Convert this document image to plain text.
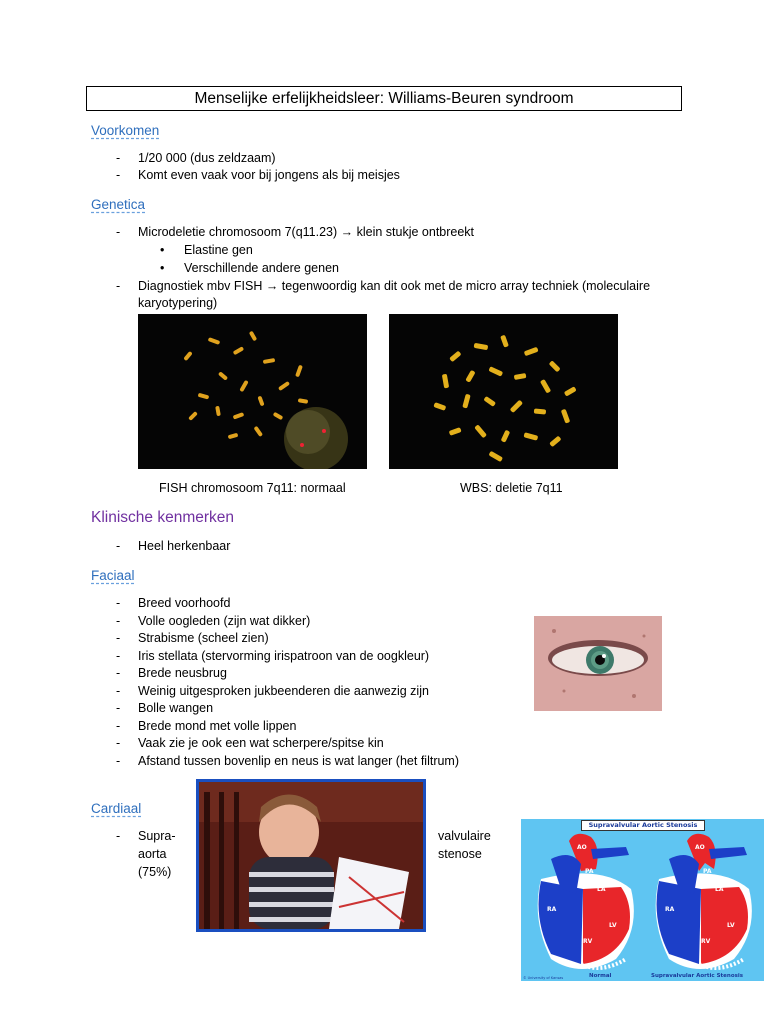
Menselijke erfelijkheidsleer: Williams-Beuren syndroom
Voorkomen
- 1/20 000 (dus zeldzaam)
- Komt even vaak voor bij jongens als bij meisjes
Genetica
- Microdeletie chromosoom 7(q11.23) → klein stukje ontbreekt
• Elastine gen
• Verschillende andere genen
- Diagnostiek mbv FISH → tegenwoordig kan dit ook met de micro array techniek (moleculaire
karyotypering)
FISH chromosoom 7q11: normaal	WBS: deletie 7q11
Klinische kenmerken
- Heel herkenbaar
Faciaal
- Breed voorhoofd
- Volle oogleden (zijn wat dikker)
- Strabisme (scheel zien)
- Iris stellata (stervorming irispatroon van de oogkleur)
- Brede neusbrug
- Weinig uitgesproken jukbeenderen die aanwezig zijn
- Bolle wangen
- Brede mond met volle lippen
- Vaak zie je ook een wat scherpere/spitse kin
- Afstand tussen bovenlip en neus is wat langer (het filtrum)
Cardiaal
- Supra-
aorta
(75%)
valvulaire
stenose
Supravalvular Aortic Stenosis
AO
PA
LA
RA
LV
RV
AO
PA
LA
RA
LV
RV
Normal	Supravalvular Aortic Stenosis
© University of Kansas
